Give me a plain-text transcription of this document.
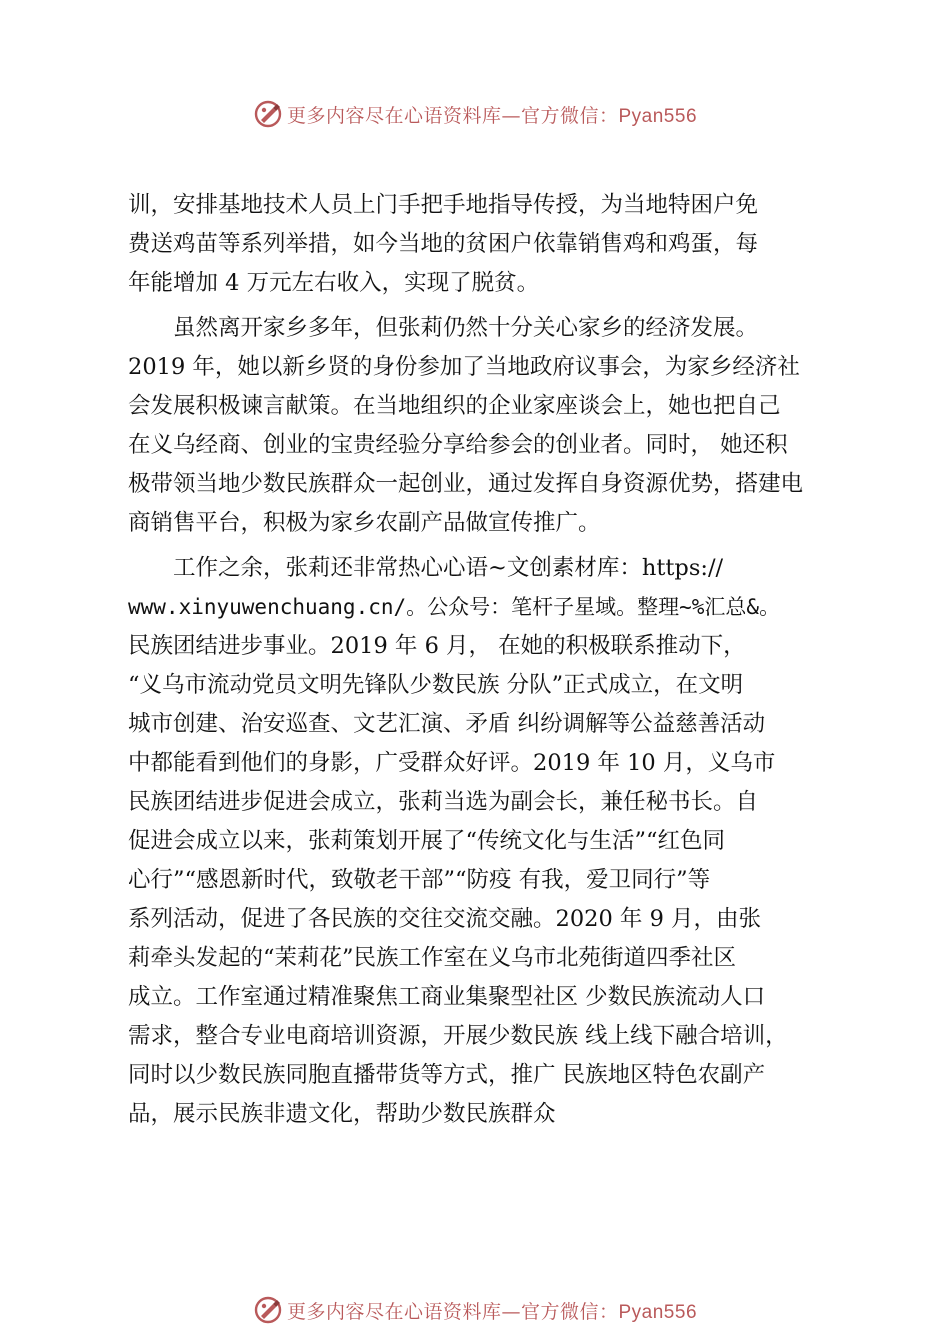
更多内容尽在心语资料库—官方微信：Pyan556
训，安排基地技术人员上门手把手地指导传授，为当地特困户免
费送鸡苗等系列举措，如今当地的贫困户依靠销售鸡和鸡蛋，每
年能增加 4 万元左右收入，实现了脱贫。
　　虽然离开家乡多年，但张莉仍然十分关心家乡的经济发展。
2019 年，她以新乡贤的身份参加了当地政府议事会，为家乡经济社
会发展积极谏言献策。在当地组织的企业家座谈会上，她也把自己
在义乌经商、创业的宝贵经验分享给参会的创业者。同时， 她还积
极带领当地少数民族群众一起创业，通过发挥自身资源优势，搭建电
商销售平台，积极为家乡农副产品做宣传推广。
　　工作之余，张莉还非常热心心语~文创素材库：https://
www.xinyuwenchuang.cn/。公众号：笔杆子星域。整理~%汇总&。
民族团结进步事业。2019 年 6 月， 在她的积极联系推动下，
“义乌市流动党员文明先锋队少数民族 分队”正式成立，在文明
城市创建、治安巡查、文艺汇演、矛盾 纠纷调解等公益慈善活动
中都能看到他们的身影，广受群众好评。2019 年 10 月，义乌市
民族团结进步促进会成立，张莉当选为副会长，兼任秘书长。自
促进会成立以来，张莉策划开展了“传统文化与生活”“红色同
心行”“感恩新时代，致敬老干部”“防疫 有我，爱卫同行”等
系列活动，促进了各民族的交往交流交融。2020 年 9 月，由张
莉牵头发起的“茉莉花”民族工作室在义乌市北苑街道四季社区
成立。工作室通过精准聚焦工商业集聚型社区 少数民族流动人口
需求，整合专业电商培训资源，开展少数民族 线上线下融合培训，
同时以少数民族同胞直播带货等方式，推广 民族地区特色农副产
品，展示民族非遗文化，帮助少数民族群众
更多内容尽在心语资料库—官方微信：Pyan556
